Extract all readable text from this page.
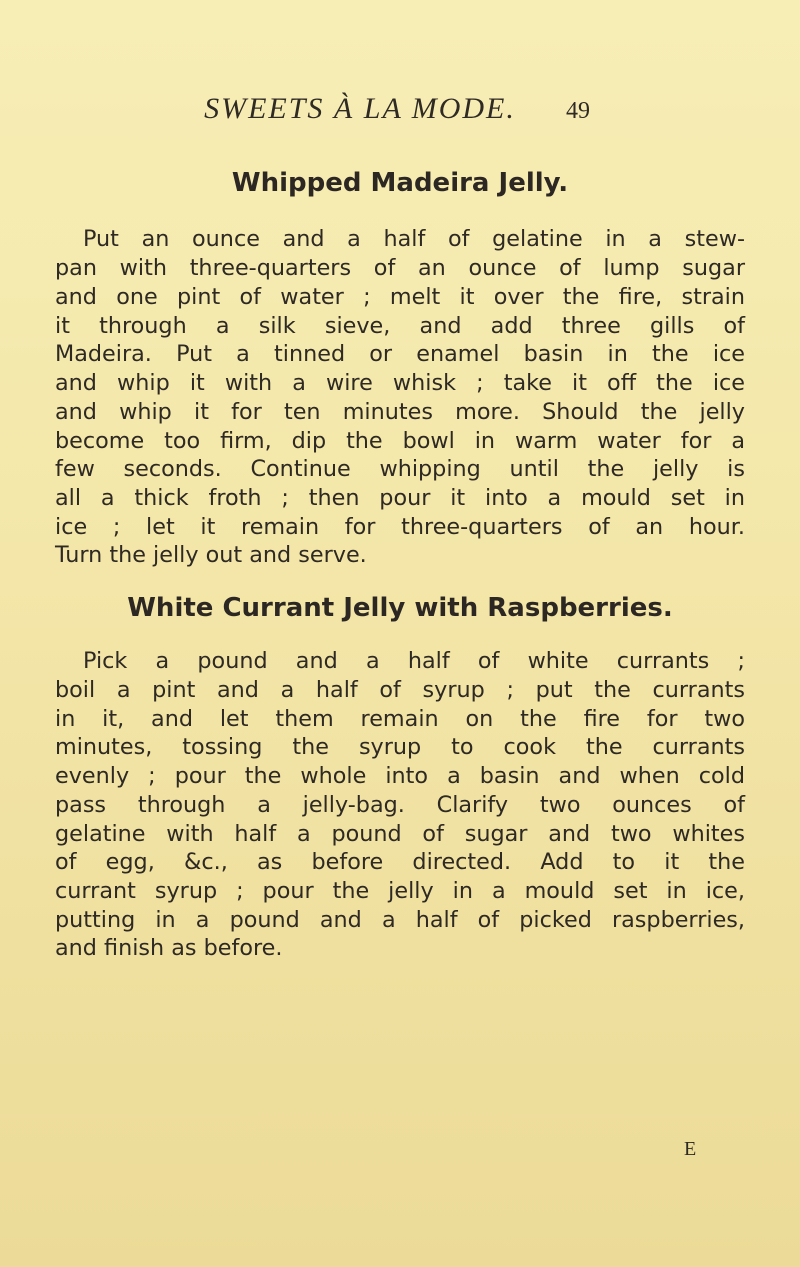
SWEETS À LA MODE. 49
Whipped Madeira Jelly.

Put an ounce and a half of gelatine in a stew-

pan with three-quarters of an ounce of lump sugar

and one pint of water ; melt it over the fire, strain

it through a silk sieve, and add three gills of

Madeira. Put a tinned or enamel basin in the ice

and whip it with a wire whisk ; take it off the ice

and whip it for ten minutes more. Should the jelly

become too firm, dip the bowl in warm water for a

few seconds. Continue whipping until the jelly is

all a thick froth ; then pour it into a mould set in

ice ; let it remain for three-quarters of an hour.

Turn the jelly out and serve.

White Currant Jelly with Raspberries.

Pick a pound and a half of white currants ;

boil a pint and a half of syrup ; put the currants

in it, and let them remain on the fire for two

minutes, tossing the syrup to cook the currants

evenly ; pour the whole into a basin and when cold

pass through a jelly-bag. Clarify two ounces of

gelatine with half a pound of sugar and two whites

of egg, &c., as before directed. Add to it the

currant syrup ; pour the jelly in a mould set in ice,

putting in a pound and a half of picked raspberries,

and finish as before.

E
